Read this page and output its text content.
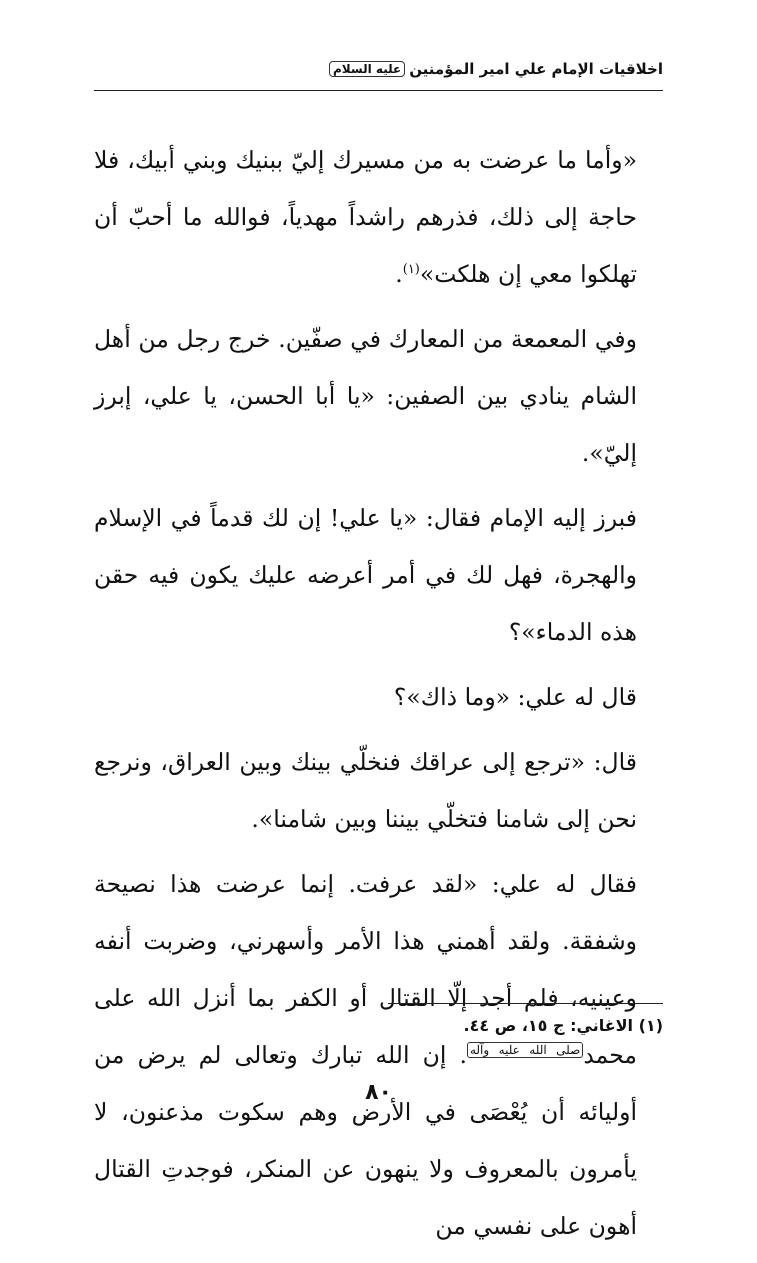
اخلاقيات الإمام علي امير المؤمنين
عليه السلام

«وأما ما عرضت به من مسيرك إليّ ببنيك وبني أبيك، فلا حاجة إلى ذلك، فذرهم راشداً مهدياً، فوالله ما أحبّ أن تهلكوا معي إن هلكت»$^{(١)}$.

وفي المعمعة من المعارك في صفّين. خرج رجل من أهل الشام ينادي بين الصفين: «يا أبا الحسن، يا علي، إبرز إليّ».

فبرز إليه الإمام فقال: «يا علي! إن لك قدماً في الإسلام والهجرة، فهل لك في أمر أعرضه عليك يكون فيه حقن هذه الدماء»؟

قال له علي: «وما ذاك»؟

قال: «ترجع إلى عراقك فنخلّي بينك وبين العراق، ونرجع نحن إلى شامنا فتخلّي بيننا وبين شامنا».

فقال له علي: «لقد عرفت. إنما عرضت هذا نصيحة وشفقة. ولقد أهمني هذا الأمر وأسهرني، وضربت أنفه وعينيه، فلم أجد إلّا القتال أو الكفر بما أنزل الله على محمد$^{صلى الله عليه وآله}$. إن الله تبارك وتعالى لم يرض من أوليائه أن يُعْصَى في الأرض وهم سكوت مذعنون، لا يأمرون بالمعروف ولا ينهون عن المنكر، فوجدتِ القتال أهون على نفسي من

(١) الاغاني: ج ١٥، ص ٤٤.
٨٠
